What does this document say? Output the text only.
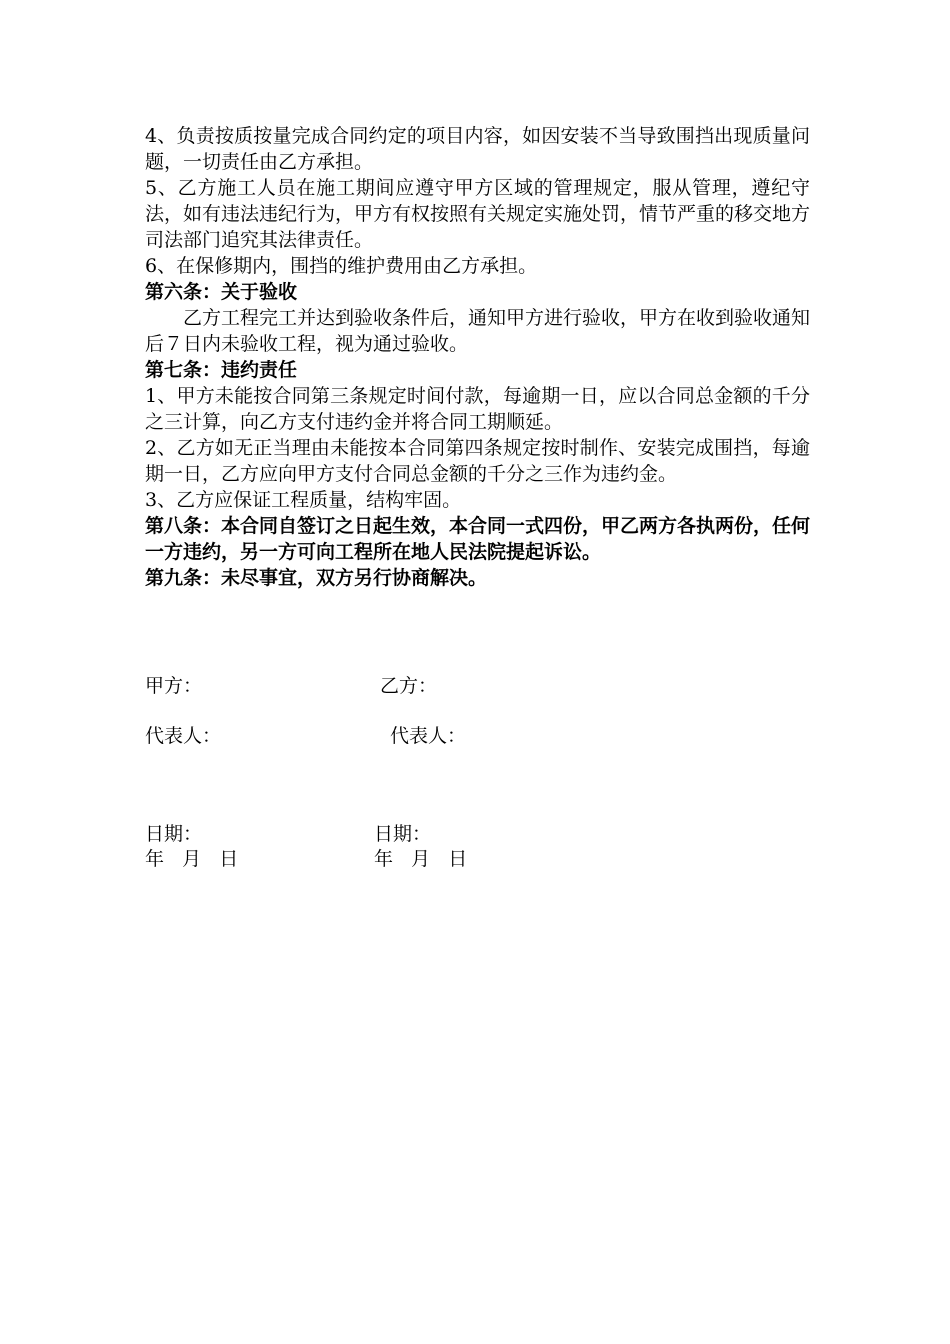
4、负责按质按量完成合同约定的项目内容，如因安装不当导致围挡出现质量问题，一切责任由乙方承担。

5、乙方施工人员在施工期间应遵守甲方区域的管理规定，服从管理，遵纪守法，如有违法违纪行为，甲方有权按照有关规定实施处罚，情节严重的移交地方司法部门追究其法律责任。

6、在保修期内，围挡的维护费用由乙方承担。

第六条：关于验收

乙方工程完工并达到验收条件后，通知甲方进行验收，甲方在收到验收通知后７日内未验收工程，视为通过验收。

第七条：违约责任

1、甲方未能按合同第三条规定时间付款，每逾期一日，应以合同总金额的千分之三计算，向乙方支付违约金并将合同工期顺延。

2、乙方如无正当理由未能按本合同第四条规定按时制作、安装完成围挡，每逾期一日，乙方应向甲方支付合同总金额的千分之三作为违约金。

3、乙方应保证工程质量，结构牢固。

第八条：本合同自签订之日起生效，本合同一式四份，甲乙两方各执两份，任何一方违约，另一方可向工程所在地人民法院提起诉讼。

第九条：未尽事宜，双方另行协商解决。

甲方：	乙方：
代表人：	代表人：
日期：	日期：
年   月   日	年   月   日
